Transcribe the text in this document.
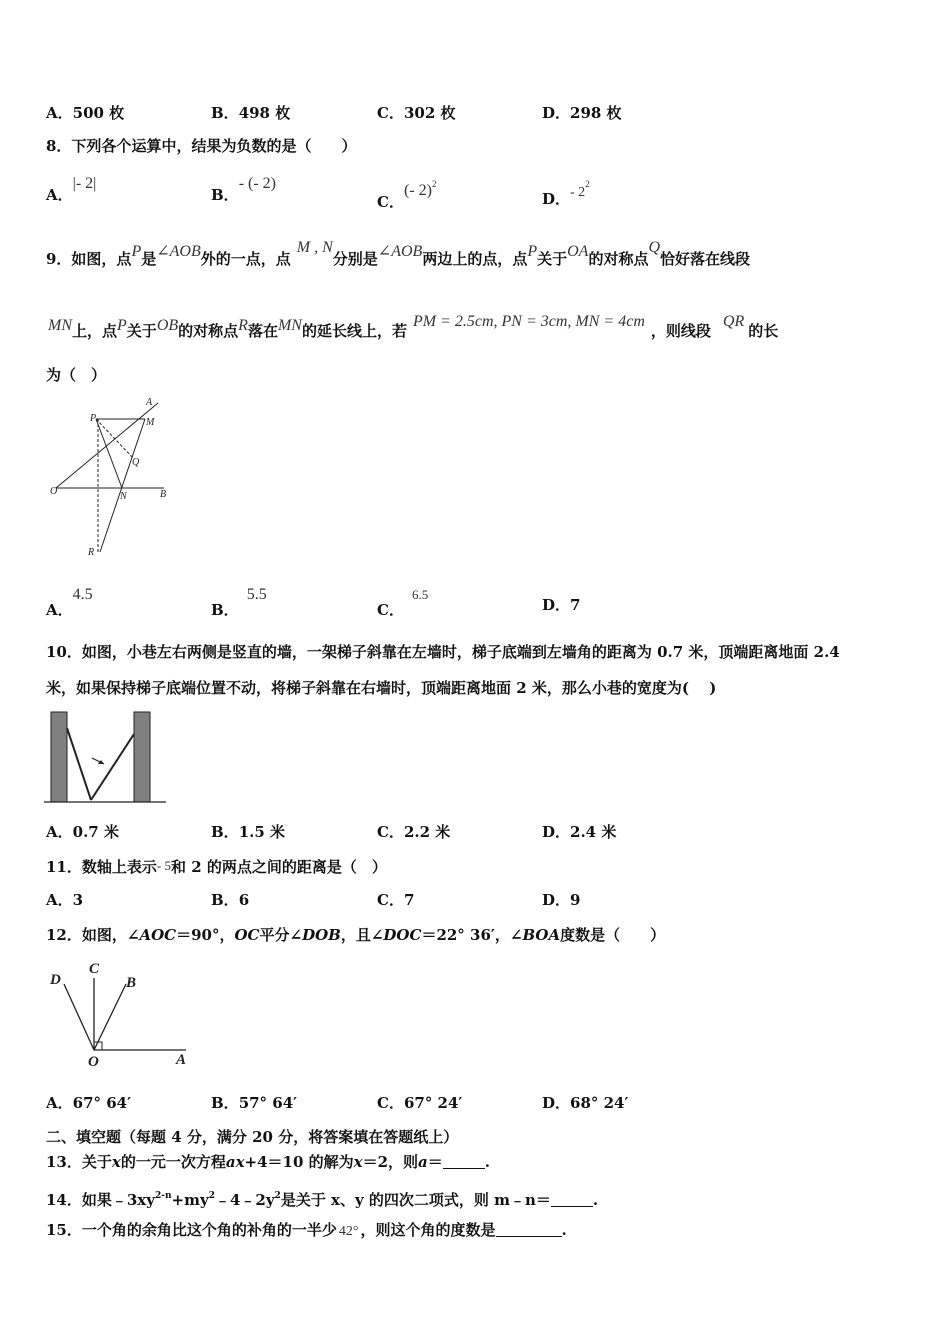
A．500 枚	B．498 枚	C．302 枚	D．298 枚
8．下列各个运算中，结果为负数的是（　　）
A．|- 2|
B．- (- 2)
C．(- 2)$^2$
D．- $2^2$
9．如图，点P是∠AOB外的一点，点M , N分别是∠AOB两边上的点，点P关于OA的对称点Q恰好落在线段
MN上，点P关于OB的对称点R落在MN的延长线上，若PM = 2.5cm, PN = 3cm, MN = 4cm，则线段QR的长
为（　）
A
P	M
Q
O	N	B
R
A．4.5
B．5.5
C．6.5
D．7
10．如图，小巷左右两侧是竖直的墙，一架梯子斜靠在左墙时，梯子底端到左墙角的距离为 0.7 米，顶端距离地面 2.4
米，如果保持梯子底端位置不动，将梯子斜靠在右墙时，顶端距离地面 2 米，那么小巷的宽度为(　 )
A．0.7 米	B．1.5 米	C．2.2 米	D．2.4 米
11．数轴上表示- 5和 2 的两点之间的距离是（　）
A．3	B．6	C．7	D．9
12．如图，∠AOC＝90°，OC平分∠DOB，且∠DOC＝22° 36′，∠BOA度数是（　　）
D
C
B
O	A
A．67° 64′	B．57° 64′	C．67° 24′	D．68° 24′
二、填空题（每题 4 分，满分 20 分，将答案填在答题纸上）
13．关于x的一元一次方程ax+4＝10 的解为x＝2，则a＝	.
14．如果$﹣3xy^{2-n}+my^2﹣4﹣2y^2$是关于 x、y 的四次二项式，则 m﹣n＝	.
15．一个角的余角比这个角的补角的一半少 42° ，则这个角的度数是	.
